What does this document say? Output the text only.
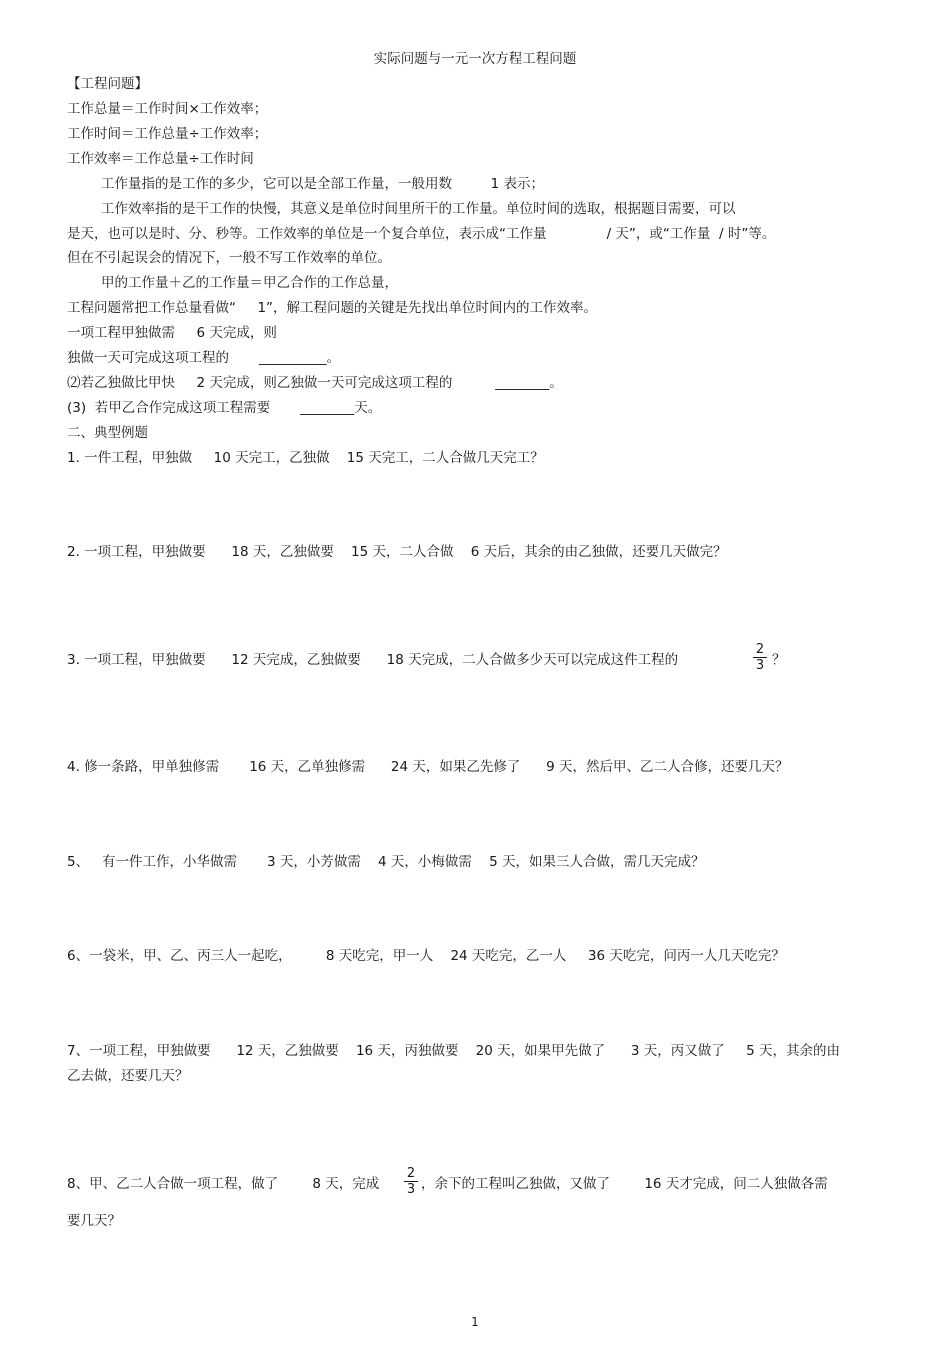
实际问题与一元一次方程工程问题
【工程问题】
工作总量＝工作时间×工作效率；
工作时间＝工作总量÷工作效率；
工作效率＝工作总量÷工作时间
工作量指的是工作的多少，它可以是全部工作量，一般用数         1 表示；
工作效率指的是干工作的快慢，其意义是单位时间里所干的工作量。单位时间的选取，根据题目需要，可以
是天，也可以是时、分、秒等。工作效率的单位是一个复合单位，表示成“工作量              / 天”，或“工作量  / 时”等。
但在不引起误会的情况下，一般不写工作效率的单位。
甲的工作量＋乙的工作量＝甲乙合作的工作总量，
工程问题常把工作总量看做“     1”，解工程问题的关键是先找出单位时间内的工作效率。
一项工程甲独做需     6 天完成，则
独做一天可完成这项工程的       __________。
⑵若乙独做比甲快     2 天完成，则乙独做一天可完成这项工程的          ________。
(3)  若甲乙合作完成这项工程需要       ________天。
二、典型例题
1. 一件工程，甲独做     10 天完工，乙独做    15 天完工，二人合做几天完工？
2. 一项工程，甲独做要      18 天，乙独做要    15 天，二人合做    6 天后，其余的由乙独做，还要几天做完？
3. 一项工程，甲独做要      12 天完成，乙独做要      18 天完成，二人合做多少天可以完成这件工程的	$\frac{2}{3}$ ？
4. 修一条路，甲单独修需       16 天，乙单独修需      24 天，如果乙先修了      9 天，然后甲、乙二人合修，还要几天？
5、   有一件工作，小华做需       3 天，小芳做需    4 天，小梅做需    5 天，如果三人合做，需几天完成？
6、一袋米，甲、乙、丙三人一起吃，        8 天吃完，甲一人    24 天吃完，乙一人     36 天吃完，问丙一人几天吃完？
7、一项工程，甲独做要      12 天，乙独做要    16 天，丙独做要    20 天，如果甲先做了      3 天，丙又做了     5 天，其余的由
乙去做，还要几天？
8、甲、乙二人合做一项工程，做了        8 天，完成 $\frac{2}{3}$ ，余下的工程叫乙独做，又做了        16 天才完成，问二人独做各需
要几天？
1
